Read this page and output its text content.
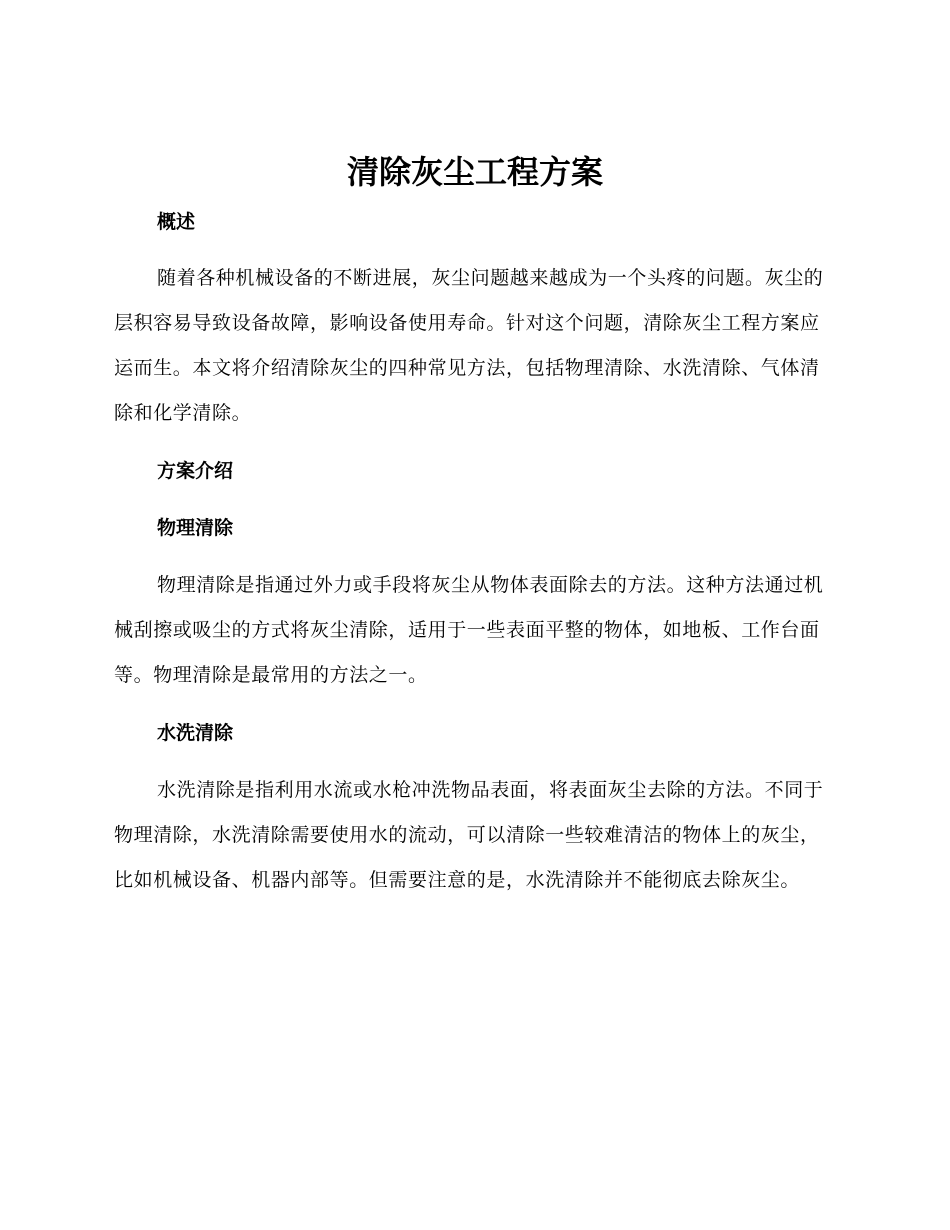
清除灰尘工程方案
概述

随着各种机械设备的不断进展，灰尘问题越来越成为一个头疼的问题。灰尘的层积容易导致设备故障，影响设备使用寿命。针对这个问题，清除灰尘工程方案应运而生。本文将介绍清除灰尘的四种常见方法，包括物理清除、水洗清除、气体清除和化学清除。

方案介绍
物理清除

物理清除是指通过外力或手段将灰尘从物体表面除去的方法。这种方法通过机械刮擦或吸尘的方式将灰尘清除，适用于一些表面平整的物体，如地板、工作台面等。物理清除是最常用的方法之一。

水洗清除

水洗清除是指利用水流或水枪冲洗物品表面，将表面灰尘去除的方法。不同于物理清除，水洗清除需要使用水的流动，可以清除一些较难清洁的物体上的灰尘，比如机械设备、机器内部等。但需要注意的是，水洗清除并不能彻底去除灰尘。
